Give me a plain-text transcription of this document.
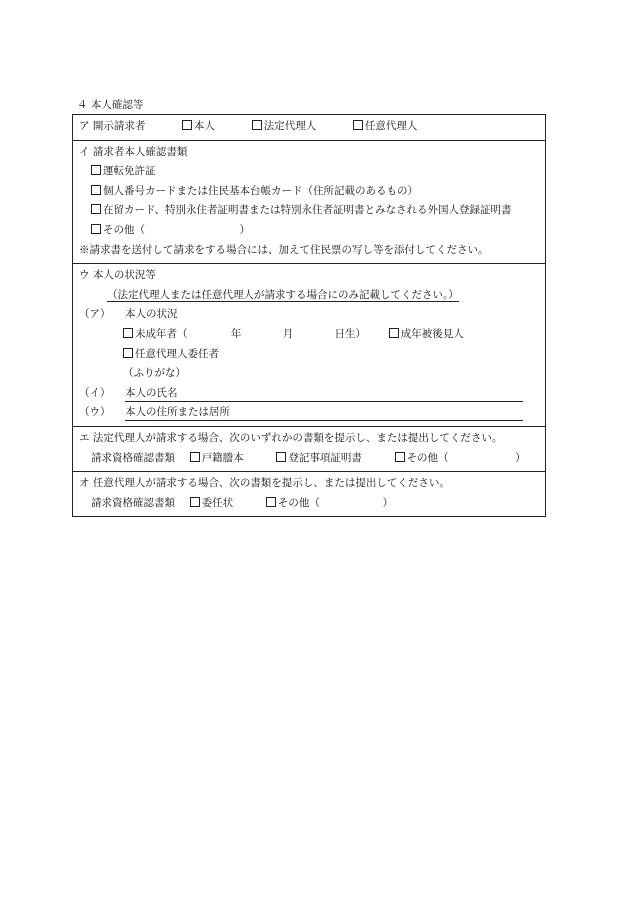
４ 本人確認等
ア 開示請求者	本人	法定代理人	任意代理人
イ 請求者本人確認書類
運転免許証
個人番号カードまたは住民基本台帳カード（住所記載のあるもの）
在留カード、特別永住者証明書または特別永住者証明書とみなされる外国人登録証明書
その他（　　　　　　　　　）
※請求書を送付して請求をする場合には、加えて住民票の写し等を添付してください。
ウ 本人の状況等
（法定代理人または任意代理人が請求する場合にのみ記載してください。）
（ア） 本人の状況
未成年者（	年	月	日生）	成年被後見人
任意代理人委任者
（ふりがな）
（イ） 本人の氏名
（ウ） 本人の住所または居所
エ 法定代理人が請求する場合、次のいずれかの書類を提示し、または提出してください。
請求資格確認書類	戸籍謄本	登記事項証明書	その他（	）
オ 任意代理人が請求する場合、次の書類を提示し、または提出してください。
請求資格確認書類	委任状	その他（	）
